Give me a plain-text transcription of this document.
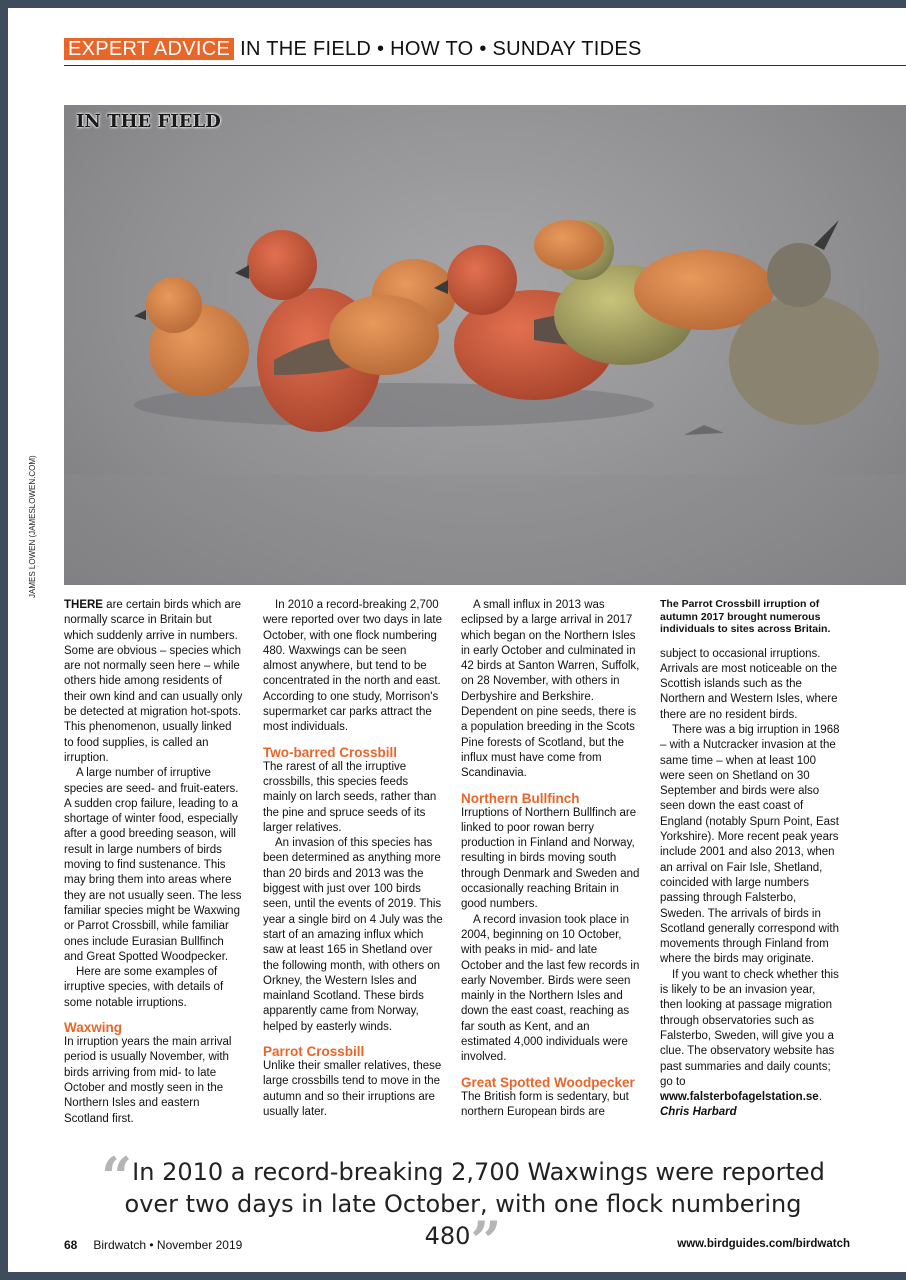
EXPERT ADVICE IN THE FIELD • HOW TO • SUNDAY TIDES
IN THE FIELD
JAMES LOWEN (JAMESLOWEN.COM)

THERE are certain birds which are normally scarce in Britain but which suddenly arrive in numbers. Some are obvious – species which are not normally seen here – while others hide among residents of their own kind and can usually only be detected at migration hot-spots. This phenomenon, usually linked to food supplies, is called an irruption.

A large number of irruptive species are seed- and fruit-eaters. A sudden crop failure, leading to a shortage of winter food, especially after a good breeding season, will result in large numbers of birds moving to find sustenance. This may bring them into areas where they are not usually seen. The less familiar species might be Waxwing or Parrot Crossbill, while familiar ones include Eurasian Bullfinch and Great Spotted Woodpecker.

Here are some examples of irruptive species, with details of some notable irruptions.

Waxwing

In irruption years the main arrival period is usually November, with birds arriving from mid- to late October and mostly seen in the Northern Isles and eastern Scotland first.

In 2010 a record-breaking 2,700 were reported over two days in late October, with one flock numbering 480. Waxwings can be seen almost anywhere, but tend to be concentrated in the north and east. According to one study, Morrison's supermarket car parks attract the most individuals.

Two-barred Crossbill

The rarest of all the irruptive crossbills, this species feeds mainly on larch seeds, rather than the pine and spruce seeds of its larger relatives.

An invasion of this species has been determined as anything more than 20 birds and 2013 was the biggest with just over 100 birds seen, until the events of 2019. This year a single bird on 4 July was the start of an amazing influx which saw at least 165 in Shetland over the following month, with others on Orkney, the Western Isles and mainland Scotland. These birds apparently came from Norway, helped by easterly winds.

Parrot Crossbill

Unlike their smaller relatives, these large crossbills tend to move in the autumn and so their irruptions are usually later.

A small influx in 2013 was eclipsed by a large arrival in 2017 which began on the Northern Isles in early October and culminated in 42 birds at Santon Warren, Suffolk, on 28 November, with others in Derbyshire and Berkshire. Dependent on pine seeds, there is a population breeding in the Scots Pine forests of Scotland, but the influx must have come from Scandinavia.

Northern Bullfinch

Irruptions of Northern Bullfinch are linked to poor rowan berry production in Finland and Norway, resulting in birds moving south through Denmark and Sweden and occasionally reaching Britain in good numbers.

A record invasion took place in 2004, beginning on 10 October, with peaks in mid- and late October and the last few records in early November. Birds were seen mainly in the Northern Isles and down the east coast, reaching as far south as Kent, and an estimated 4,000 individuals were involved.

Great Spotted Woodpecker

The British form is sedentary, but northern European birds are

The Parrot Crossbill irruption of autumn 2017 brought numerous individuals to sites across Britain.

subject to occasional irruptions. Arrivals are most noticeable on the Scottish islands such as the Northern and Western Isles, where there are no resident birds.

There was a big irruption in 1968 – with a Nutcracker invasion at the same time – when at least 100 were seen on Shetland on 30 September and birds were also seen down the east coast of England (notably Spurn Point, East Yorkshire). More recent peak years include 2001 and also 2013, when an arrival on Fair Isle, Shetland, coincided with large numbers passing through Falsterbo, Sweden. The arrivals of birds in Scotland generally correspond with movements through Finland from where the birds may originate.

If you want to check whether this is likely to be an invasion year, then looking at passage migration through observatories such as Falsterbo, Sweden, will give you a clue. The observatory website has past summaries and daily counts; go to www.falsterbofagelstation.se.

Chris Harbard

“In 2010 a record-breaking 2,700 Waxwings were reported over two days in late October, with one flock numbering 480”
68 Birdwatch • November 2019	www.birdguides.com/birdwatch
